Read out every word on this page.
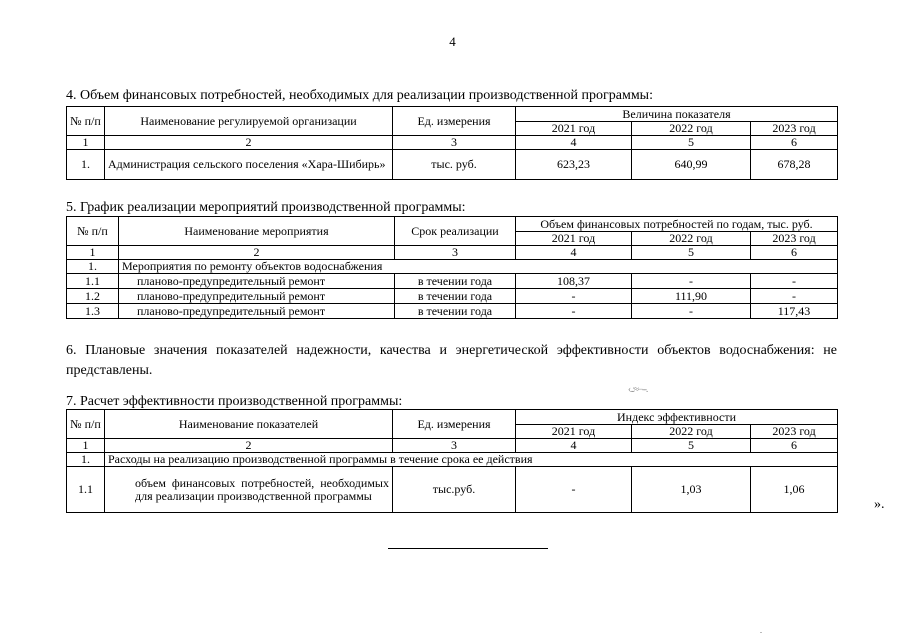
4
4. Объем финансовых потребностей, необходимых для реализации производственной программы:
№ п/п	Наименование регулируемой организации	Ед. измерения	Величина показателя		
			2021 год	2022 год	2023 год
1	2	3	4	5	6
1.	Администрация сельского поселения «Хара-Шибирь»	тыс. руб.	623,23	640,99	678,28
5. График реализации мероприятий производственной программы:
№ п/п	Наименование мероприятия	Срок реализации	Объем финансовых потребностей по годам, тыс. руб.		
			2021 год	2022 год	2023 год
1	2	3	4	5	6
1.	Мероприятия по ремонту объектов водоснабжения				
1.1	планово-предупредительный ремонт	в течении года	108,37	-	-
1.2	планово-предупредительный ремонт	в течении года	-	111,90	-
1.3	планово-предупредительный ремонт	в течении года	-	-	117,43
6. Плановые значения показателей надежности, качества и энергетической эффективности объектов водоснабжения: не представлены.
‹..:≈−‑-.
7. Расчет эффективности производственной программы:
№ п/п	Наименование показателей	Ед. измерения	Индекс эффективности		
			2021 год	2022 год	2023 год
1	2	3	4	5	6
1.	Расходы на реализацию производственной программы в течение срока ее действия				
1.1	объем финансовых потребностей, необходимых для реализации производственной программы	тыс.руб.	-	1,03	1,06
».
